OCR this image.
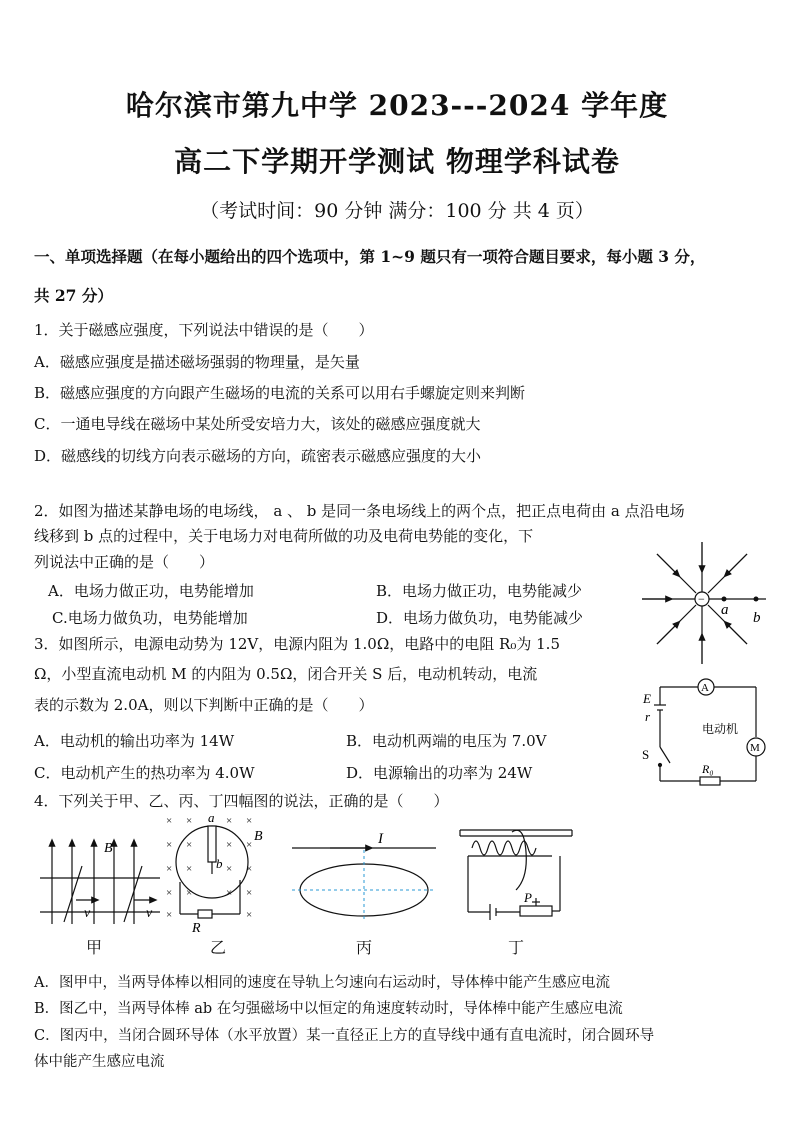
哈尔滨市第九中学 2023---2024 学年度
高二下学期开学测试 物理学科试卷
（考试时间：90 分钟 满分：100 分 共 4 页）
一、单项选择题（在每小题给出的四个选项中，第 1~9 题只有一项符合题目要求，每小题 3 分，
共 27 分）
1．关于磁感应强度，下列说法中错误的是（　　）
A．磁感应强度是描述磁场强弱的物理量，是矢量
B．磁感应强度的方向跟产生磁场的电流的关系可以用右手螺旋定则来判断
C．一通电导线在磁场中某处所受安培力大，该处的磁感应强度就大
D．磁感线的切线方向表示磁场的方向，疏密表示磁感应强度的大小
2．如图为描述某静电场的电场线， a 、 b 是同一条电场线上的两个点，把正点电荷由 a 点沿电场
线移到 b 点的过程中，关于电场力对电荷所做的功及电荷电势能的变化，下
列说法中正确的是（　　）
A．电场力做正功，电势能增加	B．电场力做正功，电势能减少
C.电场力做负功，电势能增加	D．电场力做负功，电势能减少
−
a b
3．如图所示，电源电动势为 12V，电源内阻为 1.0Ω，电路中的电阻 R₀为 1.5
Ω，小型直流电动机 M 的内阻为 0.5Ω，闭合开关 S 后，电动机转动，电流
表的示数为 2.0A，则以下判断中正确的是（　　）
A．电动机的输出功率为 14W	B．电动机两端的电压为 7.0V
C．电动机产生的热功率为 4.0W	D．电源输出的功率为 24W
E
r
S
R₀
A
M
电动机
4．下列关于甲、乙、丙、丁四幅图的说法，正确的是（　　）
B
v	v
× ×	× ×
× ×	× ×
× ×	× ×
× ×	× ×
×	×
a
b
B
R
I
P
甲	乙	丙	丁
A．图甲中，当两导体棒以相同的速度在导轨上匀速向右运动时，导体棒中能产生感应电流
B．图乙中，当两导体棒 ab 在匀强磁场中以恒定的角速度转动时，导体棒中能产生感应电流
C．图丙中，当闭合圆环导体（水平放置）某一直径正上方的直导线中通有直电流时，闭合圆环导
体中能产生感应电流
